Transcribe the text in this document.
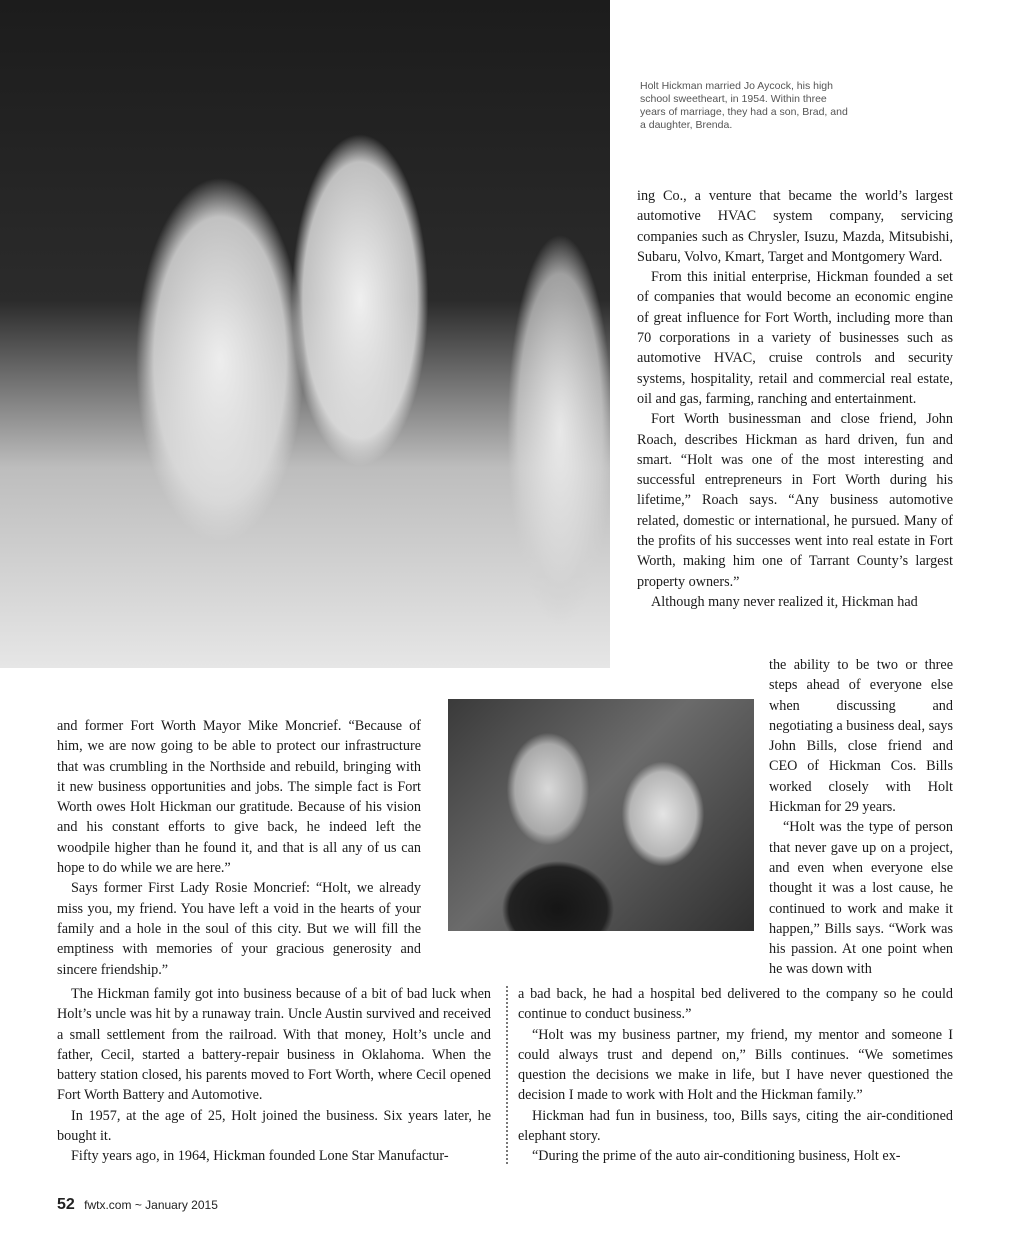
Holt Hickman married Jo Aycock, his high school sweetheart, in 1954. Within three years of marriage, they had a son, Brad, and a daughter, Brenda.

ing Co., a venture that became the world’s largest automotive HVAC system company, servicing companies such as Chrysler, Isuzu, Mazda, Mitsubishi, Subaru, Volvo, Kmart, Target and Montgomery Ward.

From this initial enterprise, Hickman founded a set of companies that would become an economic engine of great influence for Fort Worth, including more than 70 corporations in a variety of businesses such as automotive HVAC, cruise controls and security systems, hospitality, retail and commercial real estate, oil and gas, farming, ranching and entertainment.

Fort Worth businessman and close friend, John Roach, describes Hickman as hard driven, fun and smart. “Holt was one of the most interesting and successful entrepreneurs in Fort Worth during his lifetime,” Roach says. “Any business automotive related, domestic or international, he pursued. Many of the profits of his successes went into real estate in Fort Worth, making him one of Tarrant County’s largest property owners.”

Although many never realized it, Hickman had

the ability to be two or three steps ahead of everyone else when discussing and negotiating a business deal, says John Bills, close friend and CEO of Hickman Cos. Bills worked closely with Holt Hickman for 29 years.

“Holt was the type of person that never gave up on a project, and even when everyone else thought it was a lost cause, he continued to work and make it happen,” Bills says. “Work was his passion. At one point when he was down with

and former Fort Worth Mayor Mike Moncrief. “Because of him, we are now going to be able to protect our infrastructure that was crumbling in the Northside and rebuild, bringing with it new business opportunities and jobs. The simple fact is Fort Worth owes Holt Hickman our gratitude. Because of his vision and his constant efforts to give back, he indeed left the woodpile higher than he found it, and that is all any of us can hope to do while we are here.”

Says former First Lady Rosie Moncrief: “Holt, we already miss you, my friend. You have left a void in the hearts of your family and a hole in the soul of this city. But we will fill the emptiness with memories of your gracious generosity and sincere friendship.”

The Hickman family got into business because of a bit of bad luck when Holt’s uncle was hit by a runaway train. Uncle Austin survived and received a small settlement from the railroad. With that money, Holt’s uncle and father, Cecil, started a battery-repair business in Oklahoma. When the battery station closed, his parents moved to Fort Worth, where Cecil opened Fort Worth Battery and Automotive.

In 1957, at the age of 25, Holt joined the business. Six years later, he bought it.

Fifty years ago, in 1964, Hickman founded Lone Star Manufactur-

a bad back, he had a hospital bed delivered to the company so he could continue to conduct business.”

“Holt was my business partner, my friend, my mentor and someone I could always trust and depend on,” Bills continues. “We sometimes question the decisions we make in life, but I have never questioned the decision I made to work with Holt and the Hickman family.”

Hickman had fun in business, too, Bills says, citing the air-conditioned elephant story.

“During the prime of the auto air-conditioning business, Holt ex-

52 fwtx.com ~ January 2015
